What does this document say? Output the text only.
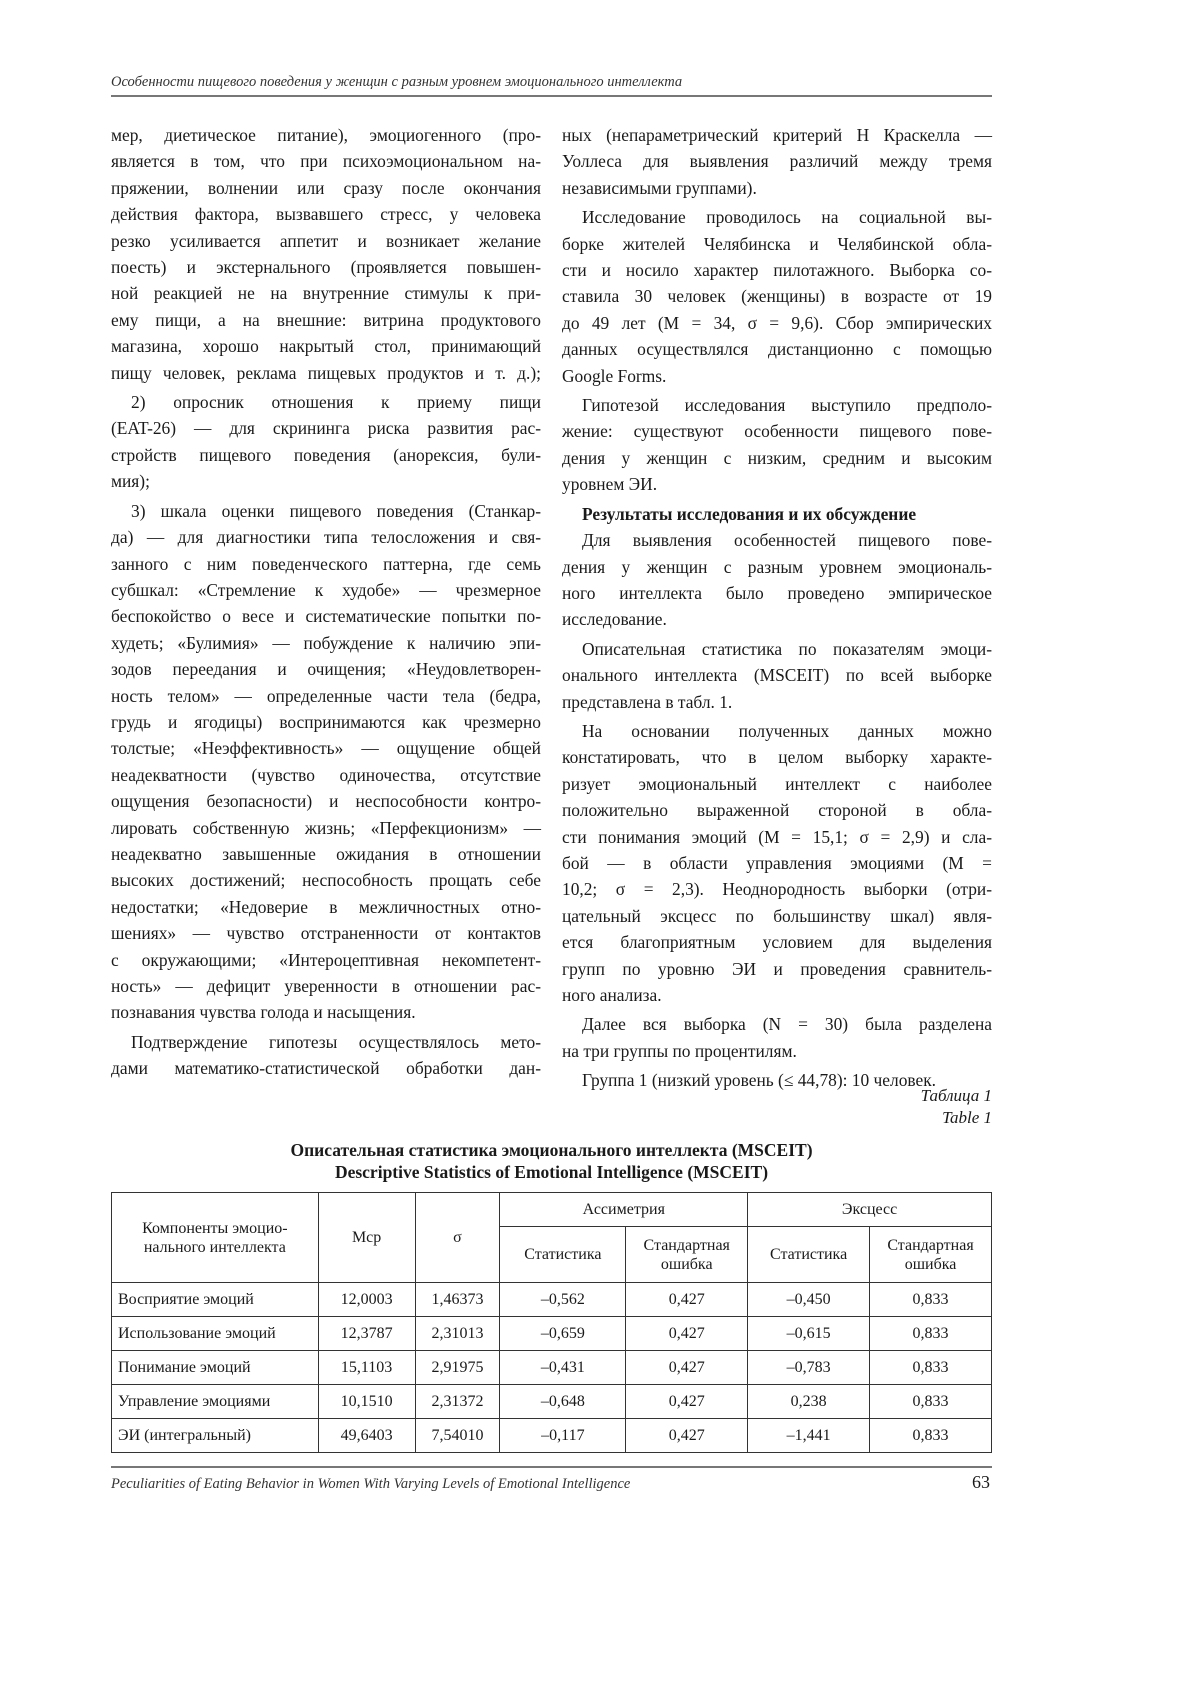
Особенности пищевого поведения у женщин с разным уровнем эмоционального интеллекта
мер, диетическое питание), эмоциогенного (про-
является в том, что при психоэмоциональном на-
пряжении, волнении или сразу после окончания
действия фактора, вызвавшего стресс, у человека
резко усиливается аппетит и возникает желание
поесть) и экстернального (проявляется повышен-
ной реакцией не на внутренние стимулы к при-
ему пищи, а на внешние: витрина продуктового
магазина, хорошо накрытый стол, принимающий
пищу человек, реклама пищевых продуктов и т. д.);
2) опросник отношения к приему пищи
(EAT-26) — для скрининга риска развития рас-
стройств пищевого поведения (анорексия, були-
мия);
3) шкала оценки пищевого поведения (Станкар-
да) — для диагностики типа телосложения и свя-
занного с ним поведенческого паттерна, где семь
субшкал: «Стремление к худобе» — чрезмерное
беспокойство о весе и систематические попытки по-
худеть; «Булимия» — побуждение к наличию эпи-
зодов переедания и очищения; «Неудовлетворен-
ность телом» — определенные части тела (бедра,
грудь и ягодицы) воспринимаются как чрезмерно
толстые; «Неэффективность» — ощущение общей
неадекватности (чувство одиночества, отсутствие
ощущения безопасности) и неспособности контро-
лировать собственную жизнь; «Перфекционизм» —
неадекватно завышенные ожидания в отношении
высоких достижений; неспособность прощать себе
недостатки; «Недоверие в межличностных отно-
шениях» — чувство отстраненности от контактов
с окружающими; «Интероцептивная некомпетент-
ность» — дефицит уверенности в отношении рас-
познавания чувства голода и насыщения.
Подтверждение гипотезы осуществлялось мето-
дами математико-статистической обработки дан-
ных (непараметрический критерий H Краскелла —
Уоллеса для выявления различий между тремя
независимыми группами).
Исследование проводилось на социальной вы-
борке жителей Челябинска и Челябинской обла-
сти и носило характер пилотажного. Выборка со-
ставила 30 человек (женщины) в возрасте от 19
до 49 лет (M = 34, σ = 9,6). Сбор эмпирических
данных осуществлялся дистанционно с помощью
Google Forms.
Гипотезой исследования выступило предполо-
жение: существуют особенности пищевого пове-
дения у женщин с низким, средним и высоким
уровнем ЭИ.
Результаты исследования и их обсуждение
Для выявления особенностей пищевого пове-
дения у женщин с разным уровнем эмоциональ-
ного интеллекта было проведено эмпирическое
исследование.
Описательная статистика по показателям эмоци-
онального интеллекта (MSCEIT) по всей выборке
представлена в табл. 1.
На основании полученных данных можно
констатировать, что в целом выборку характе-
ризует эмоциональный интеллект с наиболее
положительно выраженной стороной в обла-
сти понимания эмоций (M = 15,1; σ = 2,9) и сла-
бой — в области управления эмоциями (M =
10,2; σ = 2,3). Неоднородность выборки (отри-
цательный эксцесс по большинству шкал) явля-
ется благоприятным условием для выделения
групп по уровню ЭИ и проведения сравнитель-
ного анализа.
Далее вся выборка (N = 30) была разделена
на три группы по процентилям.
Группа 1 (низкий уровень (≤ 44,78): 10 человек.
Таблица 1
Table 1
Описательная статистика эмоционального интеллекта (MSCEIT)
Descriptive Statistics of Emotional Intelligence (MSCEIT)
Компоненты эмоцио-нального интеллекта	Mср	σ	Ассиметрия		Эксцесс	
			Статистика	Стандартная ошибка	Статистика	Стандартная ошибка
Восприятие эмоций	12,0003	1,46373	–0,562	0,427	–0,450	0,833
Использование эмоций	12,3787	2,31013	–0,659	0,427	–0,615	0,833
Понимание эмоций	15,1103	2,91975	–0,431	0,427	–0,783	0,833
Управление эмоциями	10,1510	2,31372	–0,648	0,427	0,238	0,833
ЭИ (интегральный)	49,6403	7,54010	–0,117	0,427	–1,441	0,833
Peculiarities of Eating Behavior in Women With Varying Levels of Emotional Intelligence	63
